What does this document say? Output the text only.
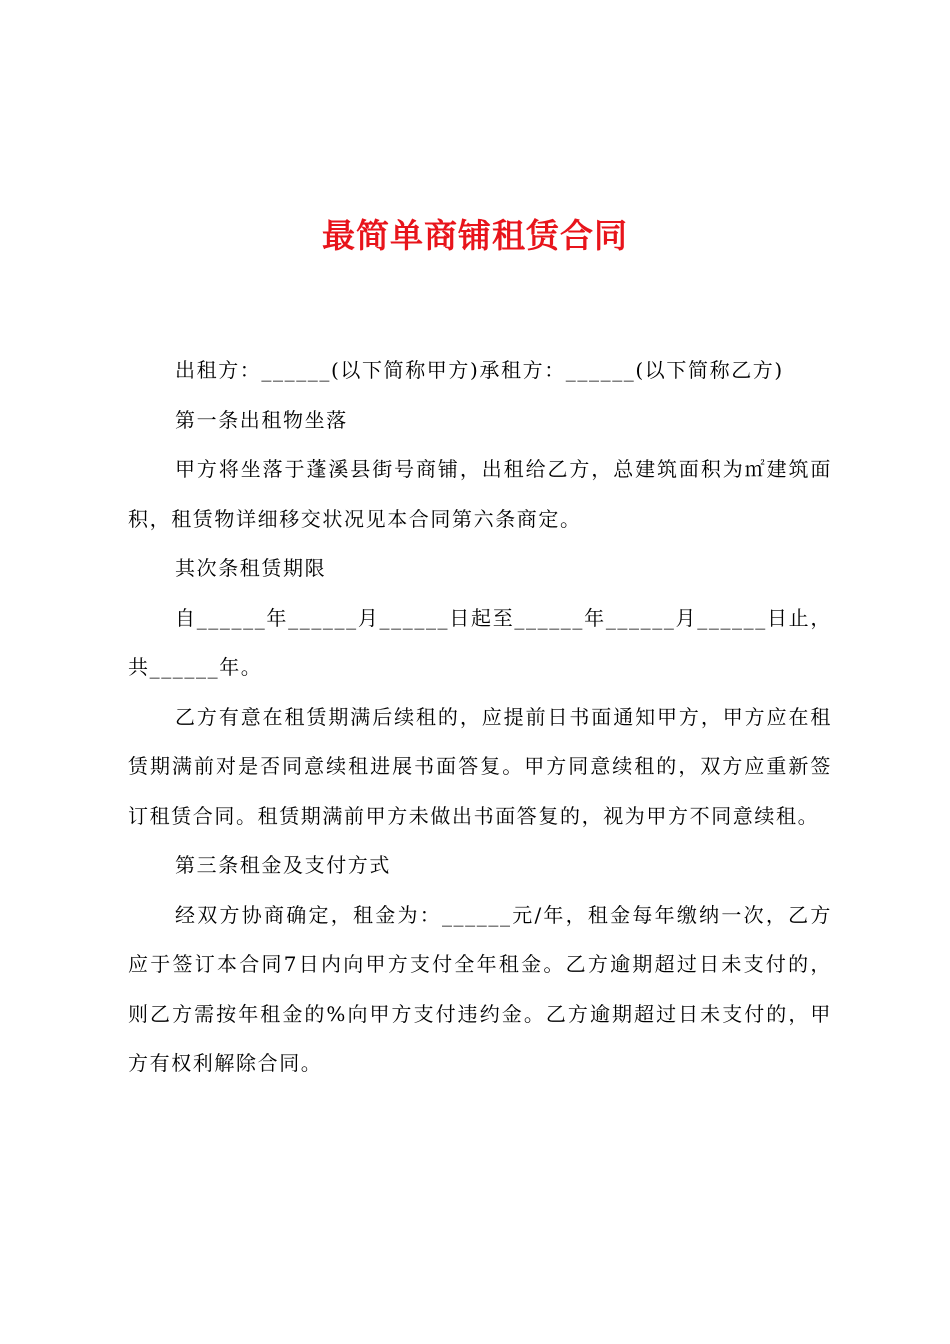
最简单商铺租赁合同

出租方：______(以下简称甲方)承租方：______(以下简称乙方)

第一条出租物坐落

甲方将坐落于蓬溪县街号商铺，出租给乙方，总建筑面积为㎡建筑面积，租赁物详细移交状况见本合同第六条商定。

其次条租赁期限

自______年______月______日起至______年______月______日止，共______年。

乙方有意在租赁期满后续租的，应提前日书面通知甲方，甲方应在租赁期满前对是否同意续租进展书面答复。甲方同意续租的，双方应重新签订租赁合同。租赁期满前甲方未做出书面答复的，视为甲方不同意续租。

第三条租金及支付方式

经双方协商确定，租金为：______元/年，租金每年缴纳一次，乙方应于签订本合同7日内向甲方支付全年租金。乙方逾期超过日未支付的，则乙方需按年租金的%向甲方支付违约金。乙方逾期超过日未支付的，甲方有权利解除合同。
